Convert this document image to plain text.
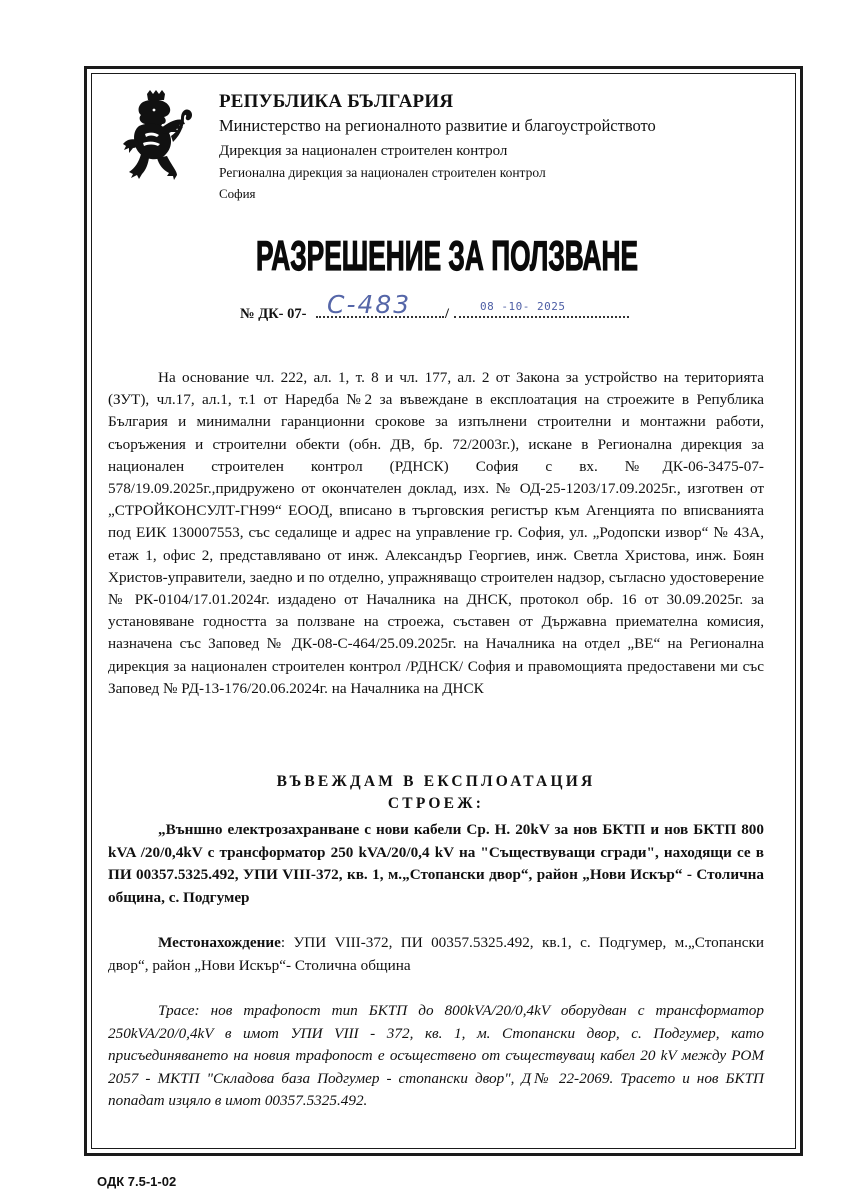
РЕПУБЛИКА БЪЛГАРИЯ
Министерство на регионалното развитие и благоустройството
Дирекция за национален строителен контрол
Регионална дирекция за национален строителен контрол
София
РАЗРЕШЕНИЕ ЗА ПОЛЗВАНЕ
№ ДК- 07- С-483 /	08 -10- 2025
На основание чл. 222, ал. 1, т. 8 и чл. 177, ал. 2 от Закона за устройство на територията (ЗУТ), чл.17, ал.1, т.1 от Наредба №2 за въвеждане в експлоатация на строежите в Република България и минимални гаранционни срокове за изпълнени строителни и монтажни работи, съоръжения и строителни обекти (обн. ДВ, бр. 72/2003г.), искане в Регионална дирекция за национален строителен контрол (РДНСК) София с вх. №ДК-06-3475-07-578/19.09.2025г.,придружено от окончателен доклад, изх. № ОД-25-1203/17.09.2025г., изготвен от „СТРОЙКОНСУЛТ-ГН99“ ЕООД, вписано в търговския регистър към Агенцията по вписванията под ЕИК 130007553, със седалище и адрес на управление гр. София, ул. „Родопски извор“ № 43А, етаж 1, офис 2, представлявано от инж. Александър Георгиев, инж. Светла Христова, инж. Боян Христов-управители, заедно и по отделно, упражняващо строителен надзор, съгласно удостоверение № РК-0104/17.01.2024г. издадено от Началника на ДНСК, протокол обр. 16 от 30.09.2025г. за установяване годността за ползване на строежа, съставен от Държавна приемателна комисия, назначена със Заповед № ДК-08-С-464/25.09.2025г. на Началника на отдел „ВЕ“ на Регионална дирекция за национален строителен контрол /РДНСК/ София и правомощията предоставени ми със Заповед № РД-13-176/20.06.2024г. на Началника на ДНСК
ВЪВЕЖДАМ В ЕКСПЛОАТАЦИЯ
СТРОЕЖ:
„Външно електрозахранване с нови кабели Ср. Н. 20kV за нов БКТП и нов БКТП 800 kVA /20/0,4kV с трансформатор 250 kVA/20/0,4 kV на "Съществуващи сгради", находящи се в ПИ 00357.5325.492, УПИ VIII-372, кв. 1, м.„Стопански двор“, район „Нови Искър“ - Столична община, с. Подгумер
Местонахождение: УПИ VIII-372, ПИ 00357.5325.492, кв.1, с. Подгумер, м.„Стопански двор“, район „Нови Искър“- Столична община
Трасе: нов трафопост тип БКТП до 800kVA/20/0,4kV оборудван с трансформатор 250kVA/20/0,4kV в имот УПИ VIII - 372, кв. 1, м. Стопански двор, с. Подгумер, като присъединяването на новия трафопост е осъществено от съществуващ кабел 20 kV между РОМ 2057 - МКТП "Складова база Подгумер - стопански двор", Д№ 22-2069. Трасето и нов БКТП попадат изцяло в имот 00357.5325.492.
ОДК 7.5-1-02
